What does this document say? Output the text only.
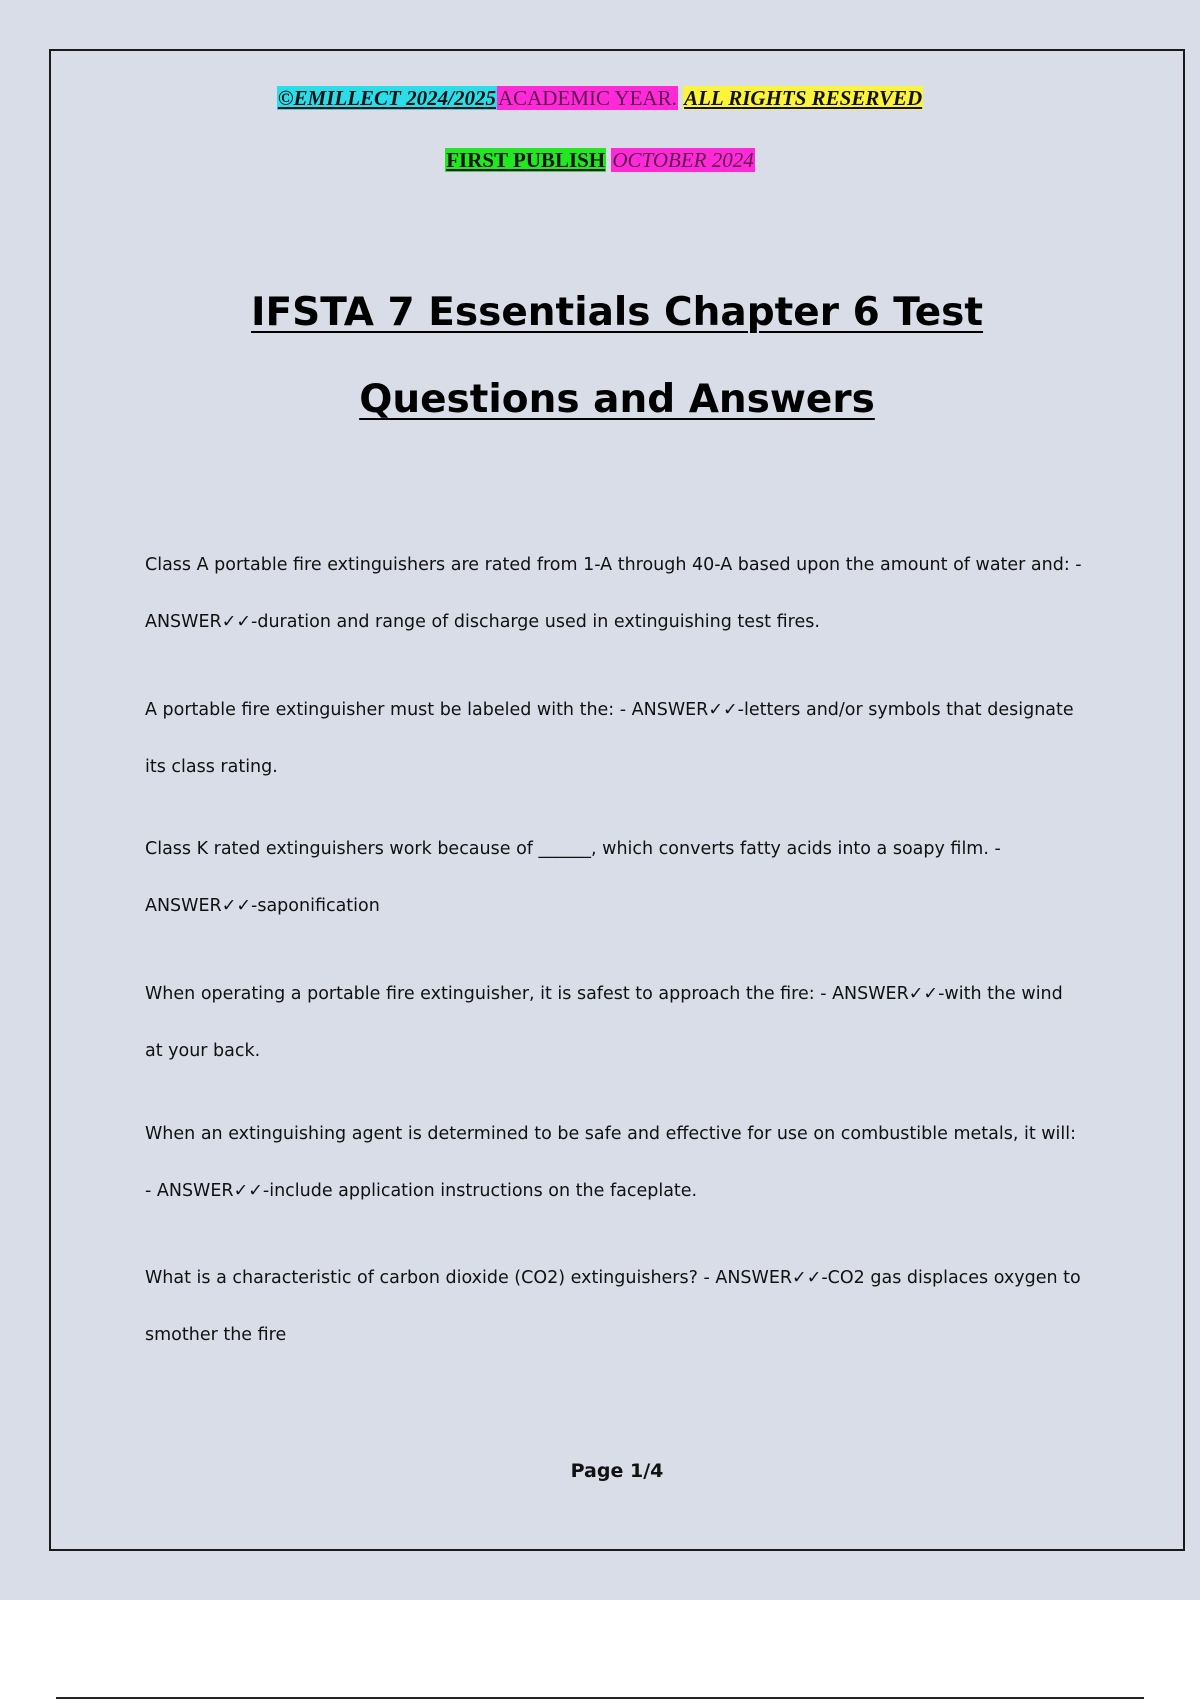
©EMILLECT 2024/2025ACADEMIC YEAR. ALL RIGHTS RESERVED
FIRST PUBLISH OCTOBER 2024
IFSTA 7 Essentials Chapter 6 Test
Questions and Answers

Class A portable fire extinguishers are rated from 1-A through 40-A based upon the amount of water and: - ANSWER✓✓-duration and range of discharge used in extinguishing test fires.

A portable fire extinguisher must be labeled with the: - ANSWER✓✓-letters and/or symbols that designate its class rating.

Class K rated extinguishers work because of ______, which converts fatty acids into a soapy film. - ANSWER✓✓-saponification

When operating a portable fire extinguisher, it is safest to approach the fire: - ANSWER✓✓-with the wind at your back.

When an extinguishing agent is determined to be safe and effective for use on combustible metals, it will: - ANSWER✓✓-include application instructions on the faceplate.

What is a characteristic of carbon dioxide (CO2) extinguishers? - ANSWER✓✓-CO2 gas displaces oxygen to smother the fire

Page 1/4
